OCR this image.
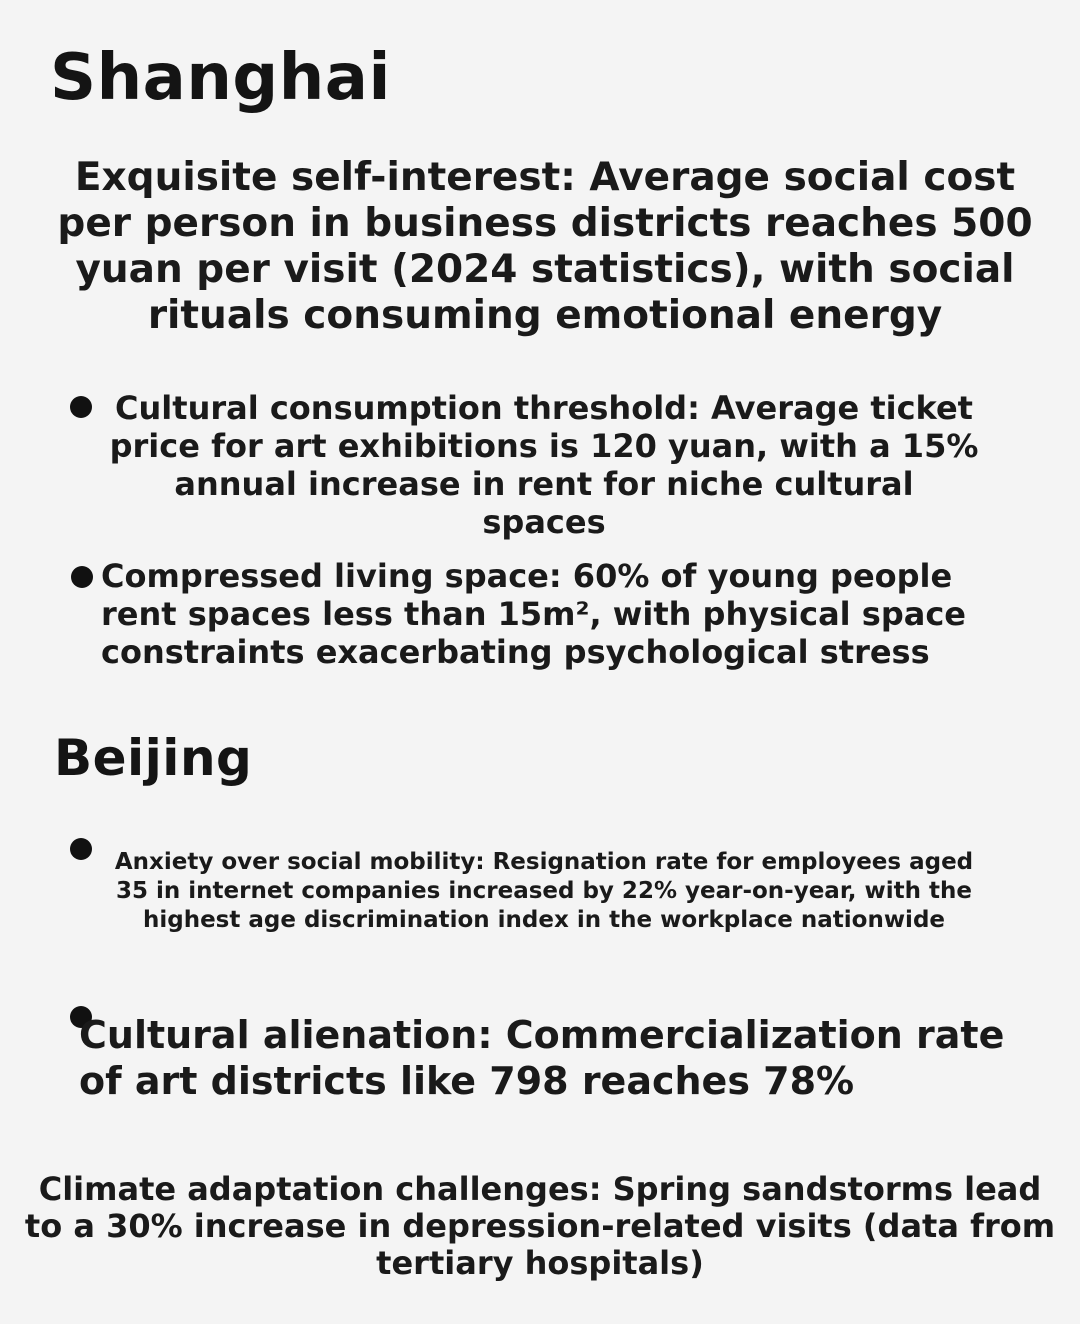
Shanghai
Exquisite self-interest: Average social cost per person in business districts reaches 500 yuan per visit (2024 statistics), with social rituals consuming emotional energy
Cultural consumption threshold: Average ticket price for art exhibitions is 120 yuan, with a 15% annual increase in rent for niche cultural spaces
Compressed living space: 60% of young people rent spaces less than 15m², with physical space constraints exacerbating psychological stress
Beijing
Anxiety over social mobility: Resignation rate for employees aged 35 in internet companies increased by 22% year-on-year, with the highest age discrimination index in the workplace nationwide
Cultural alienation: Commercialization rate of art districts like 798 reaches 78%
Climate adaptation challenges: Spring sandstorms lead to a 30% increase in depression-related visits (data from tertiary hospitals)
